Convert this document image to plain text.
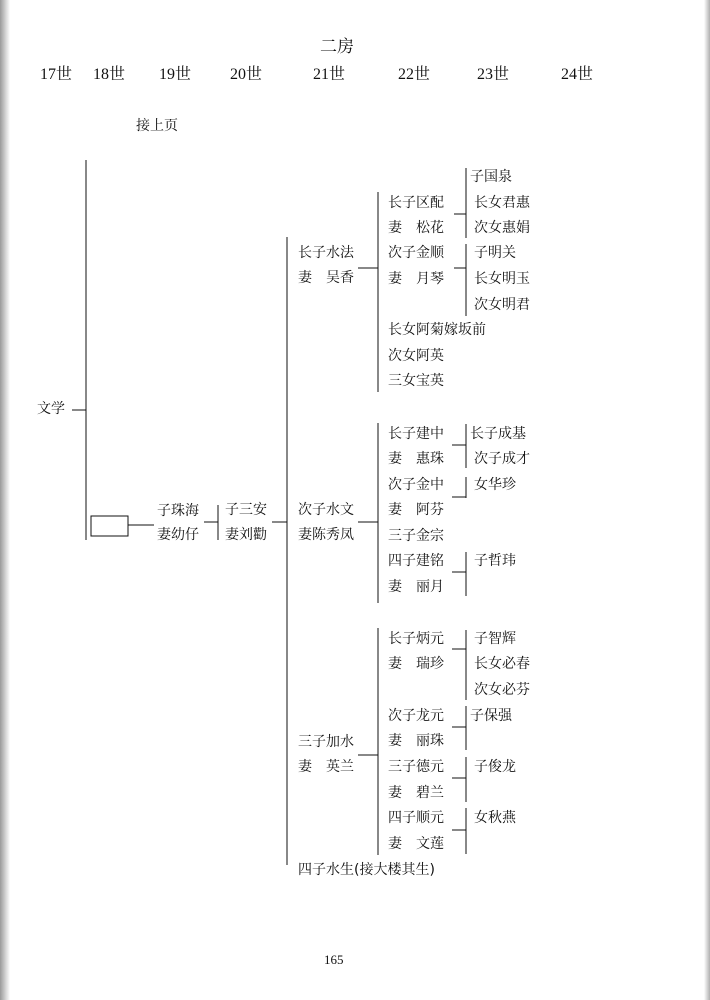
二房
17世 18世 19世 20世	21世	22世	23世	24世
接上页
文学
子珠海
妻幼仔
子三安
妻刘勸
长子水法
妻　吴香
长子区配
妻　松花
子国泉
长女君惠
次女惠娟
次子金顺
妻　月琴
子明关
长女明玉
次女明君
长女阿菊嫁坂前
次女阿英
三女宝英
次子水文
妻陈秀凤
长子建中
妻　惠珠
长子成基
次子成才
次子金中
妻　阿芬
女华珍
三子金宗
四子建铭
妻　丽月
子哲玮
三子加水
妻　英兰
长子炳元
妻　瑞珍
子智辉
长女必春
次女必芬
次子龙元
妻　丽珠
子保强
三子德元
妻　碧兰
子俊龙
四子顺元
妻　文莲
女秋燕
四子水生(接大楼其生)
165
